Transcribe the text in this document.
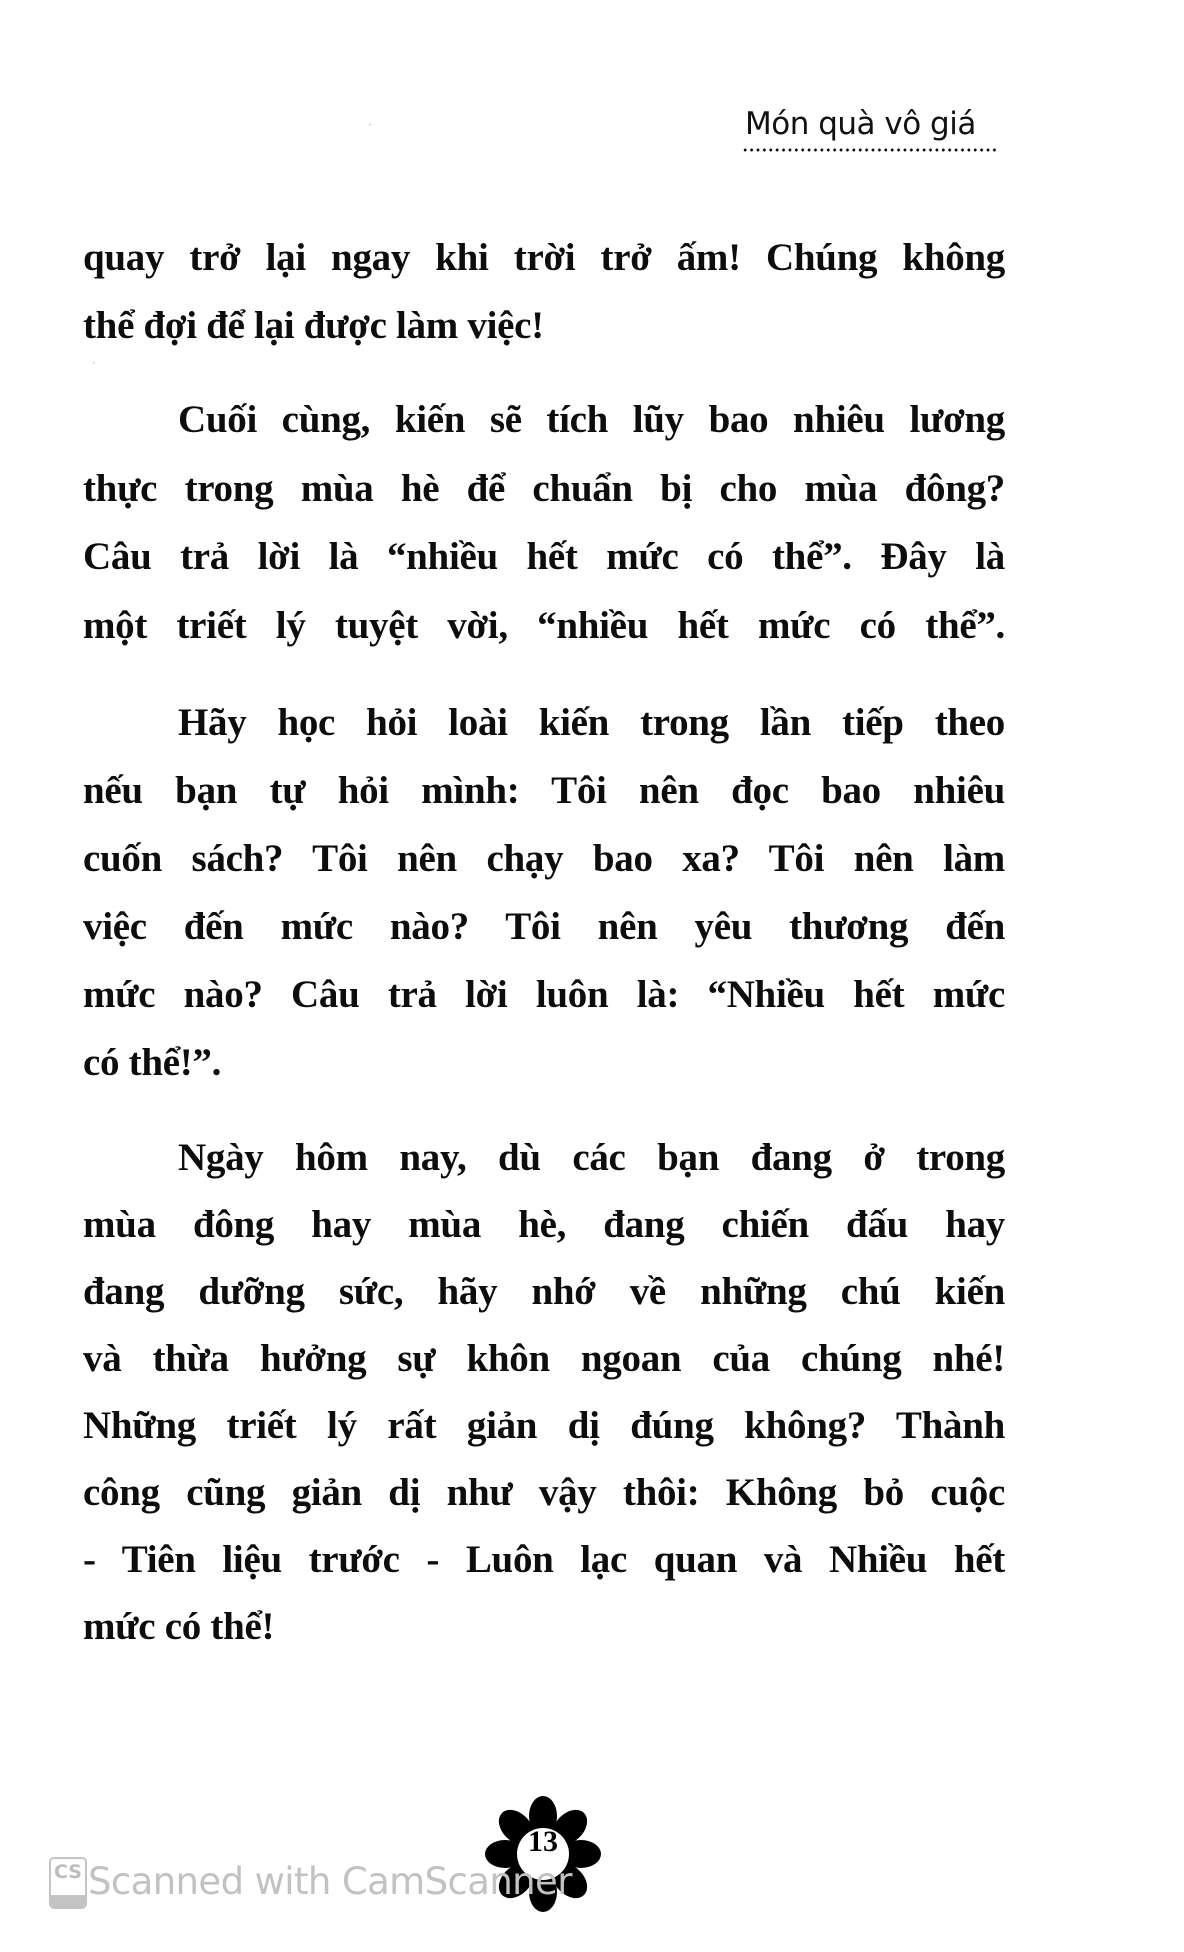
Món quà vô giá
quay trở lại ngay khi trời trở ấm! Chúng không
thể đợi để lại được làm việc!
Cuối cùng, kiến sẽ tích lũy bao nhiêu lương
thực trong mùa hè để chuẩn bị cho mùa đông?
Câu trả lời là “nhiều hết mức có thể”. Đây là
một triết lý tuyệt vời, “nhiều hết mức có thể”.
Hãy học hỏi loài kiến trong lần tiếp theo
nếu bạn tự hỏi mình: Tôi nên đọc bao nhiêu
cuốn sách? Tôi nên chạy bao xa? Tôi nên làm
việc đến mức nào? Tôi nên yêu thương đến
mức nào? Câu trả lời luôn là: “Nhiều hết mức
có thể!”.
Ngày hôm nay, dù các bạn đang ở trong
mùa đông hay mùa hè, đang chiến đấu hay
đang dưỡng sức, hãy nhớ về những chú kiến
và thừa hưởng sự khôn ngoan của chúng nhé!
Những triết lý rất giản dị đúng không? Thành
công cũng giản dị như vậy thôi: Không bỏ cuộc
- Tiên liệu trước - Luôn lạc quan và Nhiều hết
mức có thể!
13
CS Scanned with CamScanner
·
·
